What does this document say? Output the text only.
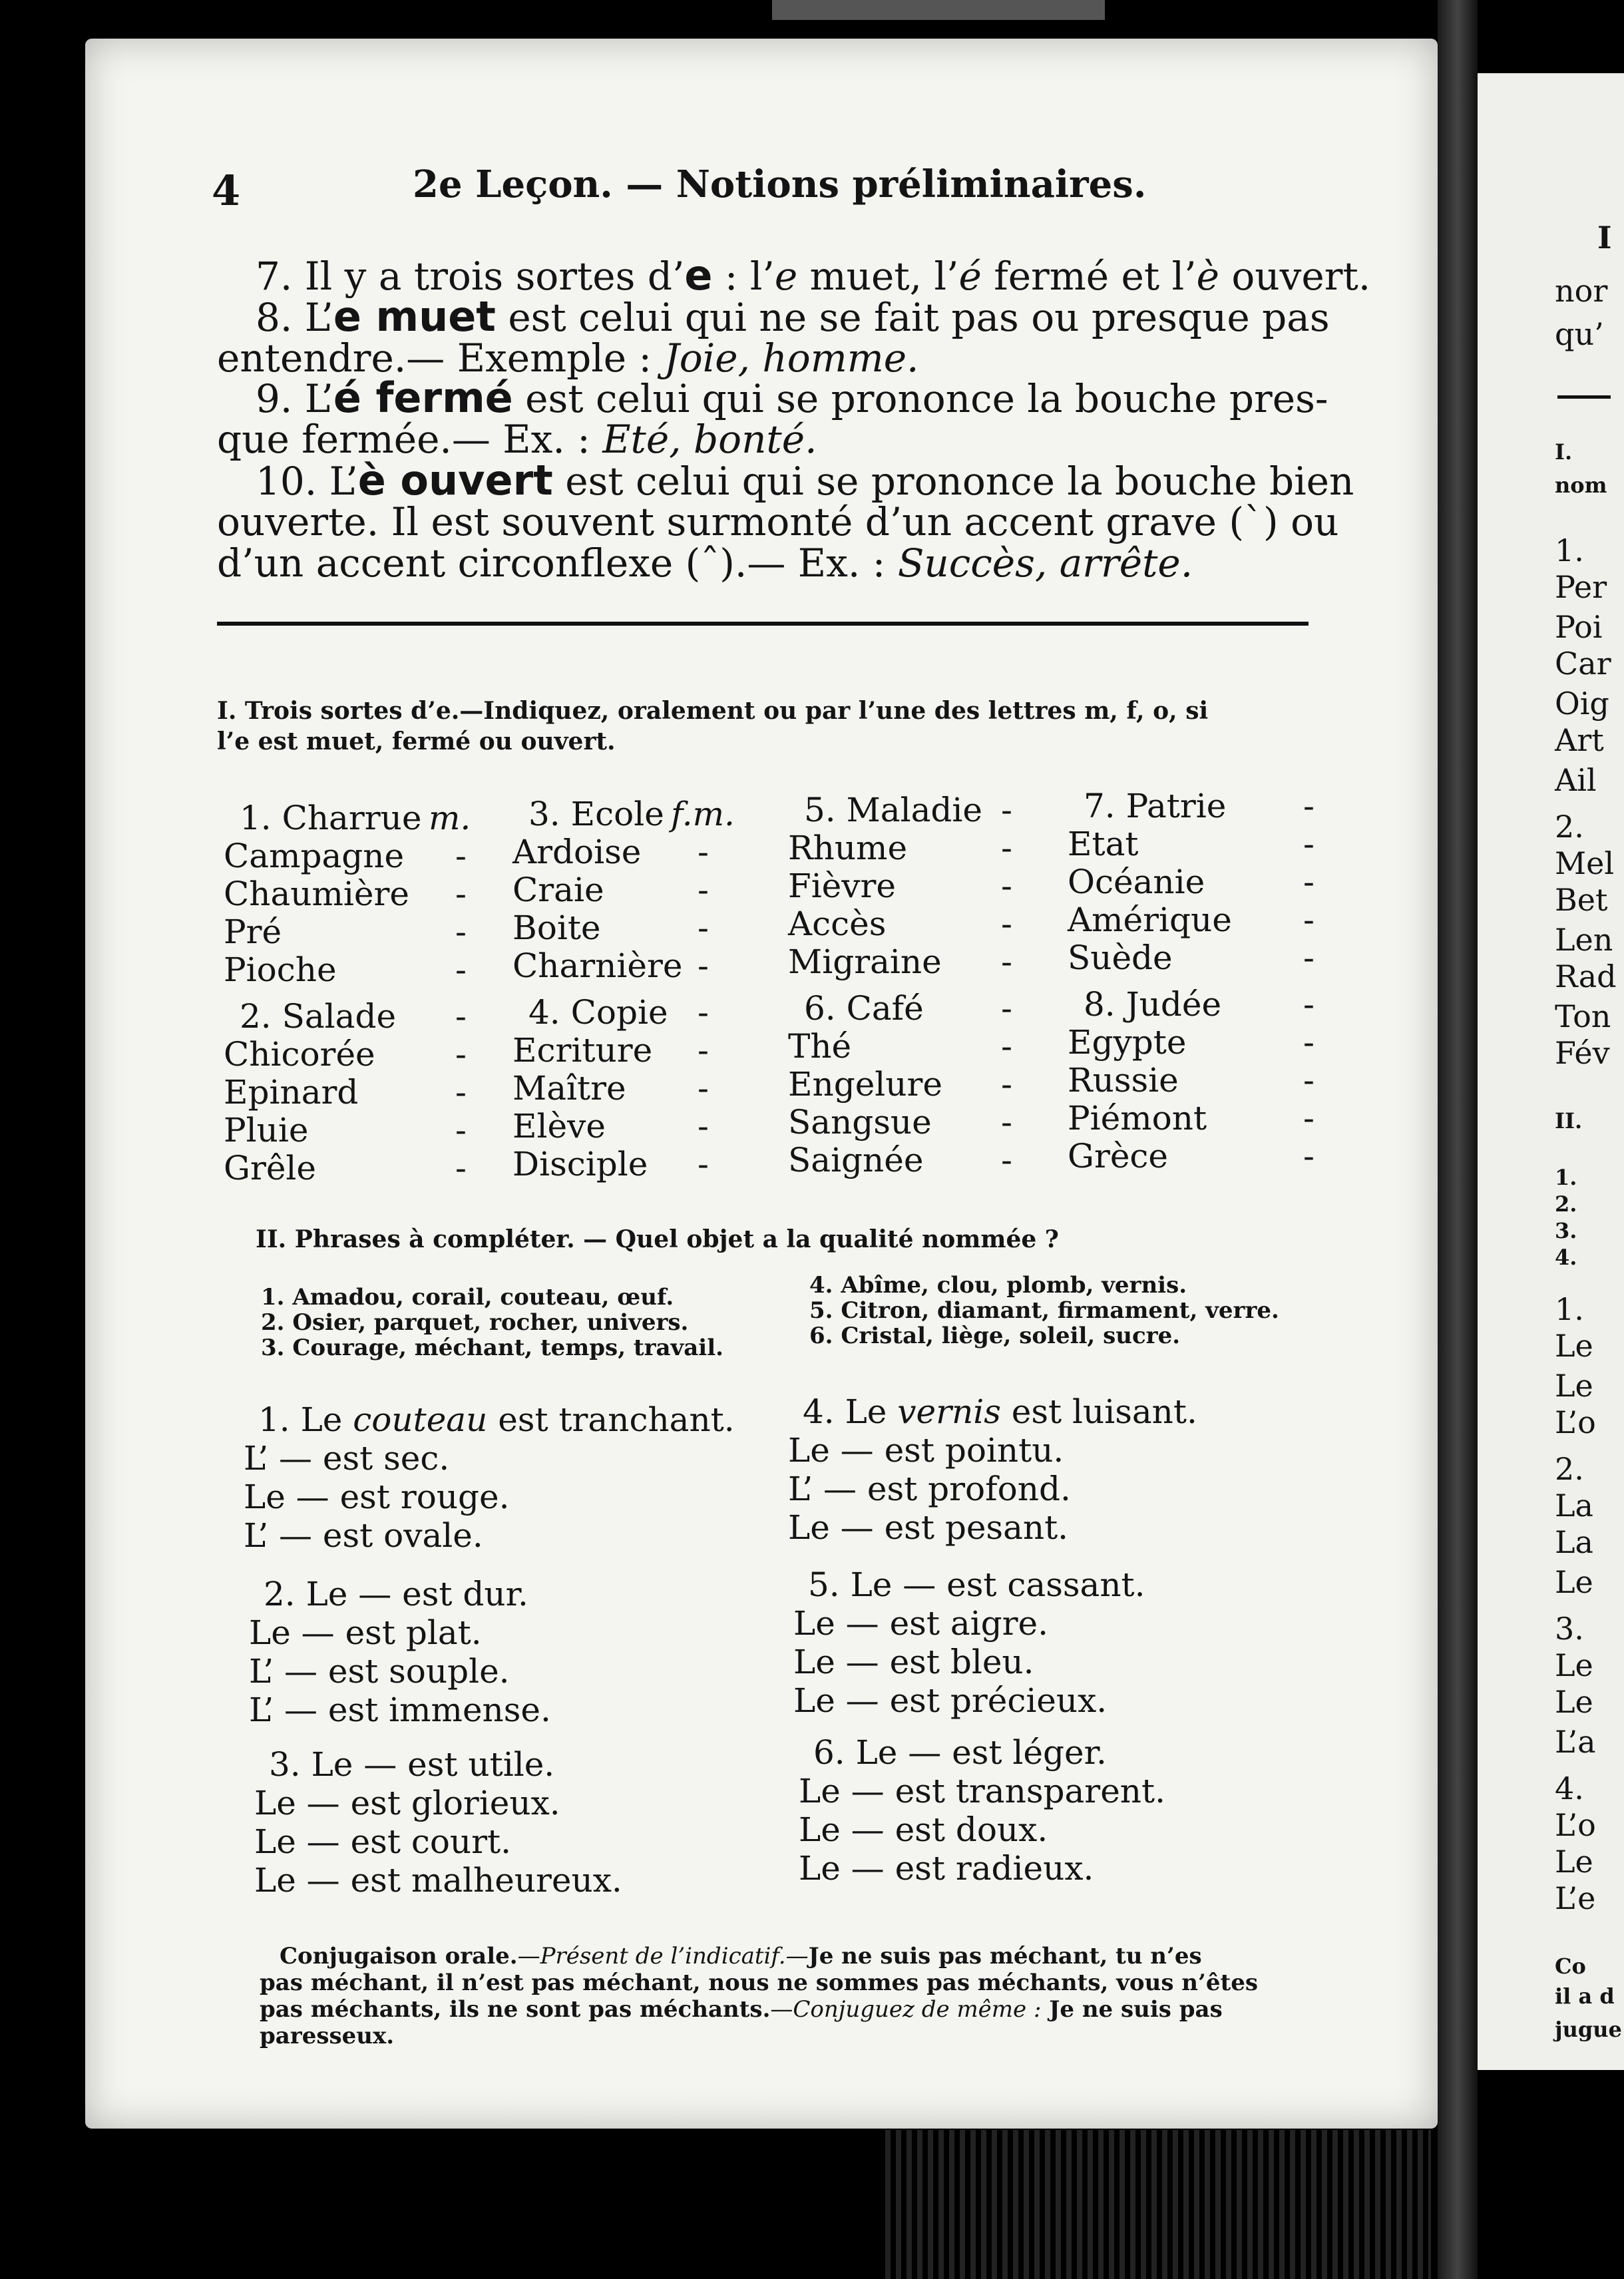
I
nor
qu’
I.
nom
1.
Per
Poi
Car
Oig
Art
Ail
2.
Mel
Bet
Len
Rad
Ton
Fév
II.
1.
2.
3.
4.
1.
Le
Le
L’o
2.
La
La
Le
3.
Le
Le
L’a
4.
L’o
Le
L’e
Co
il a d
jugue
4	2e Leçon. — Notions préliminaires.
7. Il y a trois sortes d’e : l’e muet, l’é fermé et l’è ouvert.
8. L’e muet est celui qui ne se fait pas ou presque pas
entendre.— Exemple : Joie, homme.
9. L’é fermé est celui qui se prononce la bouche pres-
que fermée.— Ex. : Eté, bonté.
10. L’è ouvert est celui qui se prononce la bouche bien
ouverte. Il est souvent surmonté d’un accent grave (`) ou
d’un accent circonflexe (ˆ).— Ex. : Succès, arrête.
I. Trois sortes d’e.—Indiquez, oralement ou par l’une des lettres m, f, o, si
l’e est muet, fermé ou ouvert.
1. Charrue m.
Campagne -
Chaumière -
Pré	-
Pioche	-
2. Salade -
Chicorée -
Epinard	-
Pluie	-
Grêle	-
3. Ecole f.m.
Ardoise -
Craie	-
Boite	-
Charnière -
4. Copie -
Ecriture -
Maître -
Elève	-
Disciple -
5. Maladie -
Rhume	-
Fièvre	-
Accès	-
Migraine -
6. Café -
Thé	-
Engelure -
Sangsue -
Saignée -
7. Patrie -
Etat	-
Océanie	-
Amérique -
Suède	-
8. Judée -
Egypte	-
Russie	-
Piémont	-
Grèce	-
II. Phrases à compléter. — Quel objet a la qualité nommée ?
1. Amadou, corail, couteau, œuf.
2. Osier, parquet, rocher, univers.
3. Courage, méchant, temps, travail.
4. Abîme, clou, plomb, vernis.
5. Citron, diamant, firmament, verre.
6. Cristal, liège, soleil, sucre.
1. Le couteau est tranchant.
L’ — est sec.
Le — est rouge.
L’ — est ovale.
2. Le — est dur.
Le — est plat.
L’ — est souple.
L’ — est immense.
3. Le — est utile.
Le — est glorieux.
Le — est court.
Le — est malheureux.
4. Le vernis est luisant.
Le — est pointu.
L’ — est profond.
Le — est pesant.
5. Le — est cassant.
Le — est aigre.
Le — est bleu.
Le — est précieux.
6. Le — est léger.
Le — est transparent.
Le — est doux.
Le — est radieux.
Conjugaison orale.—Présent de l’indicatif.—Je ne suis pas méchant, tu n’es
pas méchant, il n’est pas méchant, nous ne sommes pas méchants, vous n’êtes
pas méchants, ils ne sont pas méchants.—Conjuguez de même : Je ne suis pas
paresseux.
